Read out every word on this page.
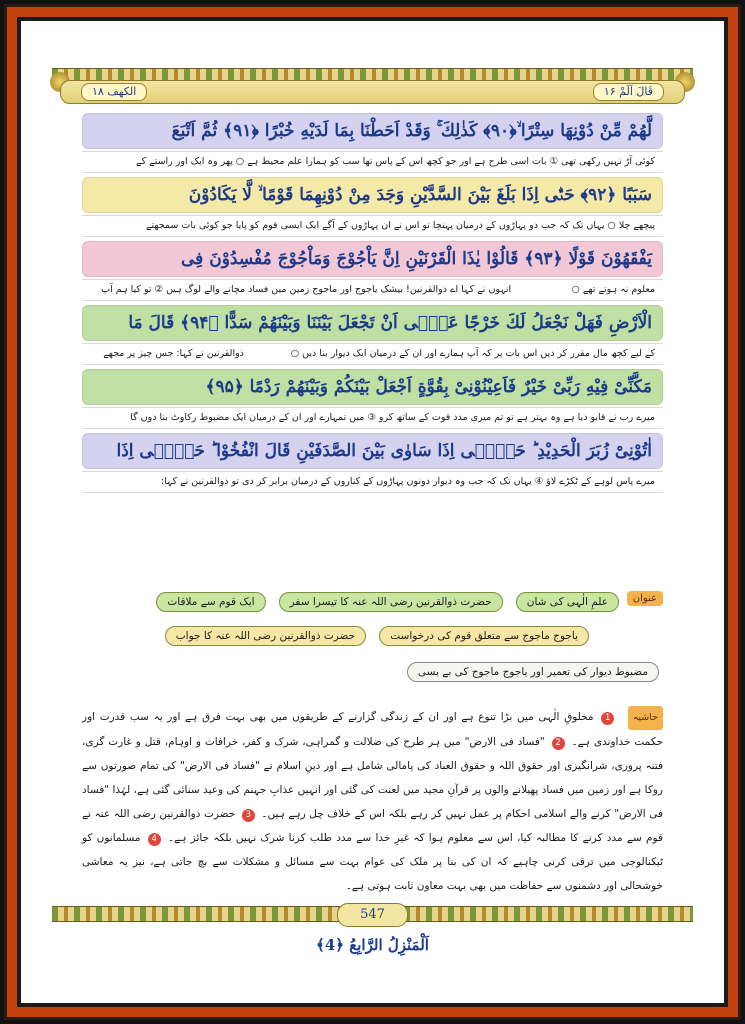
قَالَ اَلَمْ ۱۶
الكهف ۱۸
لَّهُمْ مِّنْ دُوْنِهَا سِتْرًا ۙ﴿۹۰﴾ كَذٰلِكَ ۚ وَقَدْ اَحَطْنَا بِمَا لَدَيْهِ خُبْرًا ﴿۹۱﴾ ثُمَّ اَتْبَعَ
کوئی آڑ نہیں رکھی تھی ① بات اسی طرح ہے اور جو کچھ اس کے پاس تھا سب کو ہمارا علم محیط ہے ○ پھر وہ ایک اور راستے کے
سَبَبًا ﴿۹۲﴾ حَتّٰۤى اِذَا بَلَغَ بَيْنَ السَّدَّيْنِ وَجَدَ مِنْ دُوْنِهِمَا قَوْمًا ۙ لَّا يَكَادُوْنَ
پیچھے چلا ○ یہاں تک کہ جب دو پہاڑوں کے درمیان پہنچا تو اس نے ان پہاڑوں کے آگے ایک ایسی قوم کو پایا جو کوئی بات سمجھتے
يَفْقَهُوْنَ قَوْلًا ﴿۹۳﴾ قَالُوْا يٰذَا الْقَرْنَيْنِ اِنَّ يَاْجُوْجَ وَمَاْجُوْجَ مُفْسِدُوْنَ فِى
معلوم نہ ہوتے تھے ○
انہوں نے کہا اے ذوالقرنین! بیشک یاجوج اور ماجوج زمین میں فساد مچانے والے لوگ ہیں ② تو کیا ہم آپ
الْاَرْضِ فَهَلْ نَجْعَلُ لَكَ خَرْجًا عَلٰۤى اَنْ تَجْعَلَ بَيْنَنَا وَبَيْنَهُمْ سَدًّا ﴿۹۴﴾ قَالَ مَا
کے لیے کچھ مال مقرر کر دیں اس بات پر کہ آپ ہمارے اور ان کے درمیان ایک دیوار بنا دیں ○
ذوالقرنین نے کہا: جس چیز پر مجھے
مَكَّنِّىْ فِيْهِ رَبِّىْ خَيْرٌ فَاَعِيْنُوْنِىْ بِقُوَّةٍ اَجْعَلْ بَيْنَكُمْ وَبَيْنَهُمْ رَدْمًا ﴿۹۵﴾
میرے رب نے قابو دیا ہے وہ بہتر ہے تو تم میری مدد قوت کے ساتھ کرو ③ میں تمہارے اور ان کے درمیان ایک مضبوط رکاوٹ بنا دوں گا
اٰتُوْنِىْ زُبَرَ الْحَدِيْدِ ؕ حَتّٰۤى اِذَا سَاوٰى بَيْنَ الصَّدَفَيْنِ قَالَ انْفُخُوْا ؕ حَتّٰۤى اِذَا
میرے پاس لوہے کے ٹکڑے لاؤ ④ یہاں تک کہ جب وہ دیوار دونوں پہاڑوں کے کناروں کے درمیان برابر کر دی تو ذوالقرنین نے کہا:
عنوان
علمِ الٰہی کی شان حضرت ذوالقرنین رضی اللہ عنہ کا تیسرا سفر ایک قوم سے ملاقات
یاجوج ماجوج سے متعلق قوم کی درخواست حضرت ذوالقرنین رضی اللہ عنہ کا جواب
مضبوط دیوار کی تعمیر اور یاجوج ماجوج کی بے بسی
حاشیہ 1 مخلوقِ الٰہی میں بڑا تنوع ہے اور ان کے زندگی گزارنے کے طریقوں میں بھی بہت فرق ہے اور یہ سب قدرت اور حکمت خداوندی ہے۔ 2 "فساد فی الارض" میں ہر طرح کی ضلالت و گمراہی، شرک و کفر، خرافات و اوہام، قتل و غارت گری، فتنہ پروری، شرانگیزی اور حقوق اللہ و حقوق العباد کی پامالی شامل ہے اور دینِ اسلام نے "فساد فی الارض" کی تمام صورتوں سے روکا ہے اور زمین میں فساد پھیلانے والوں پر قرآنِ مجید میں لعنت کی گئی اور انہیں عذابِ جہنم کی وعید سنائی گئی ہے، لہٰذا "فساد فی الارض" کرنے والے اسلامی احکام پر عمل نہیں کر رہے بلکہ اس کے خلاف چل رہے ہیں۔ 3 حضرت ذوالقرنین رضی اللہ عنہ نے قوم سے مدد کرنے کا مطالبہ کیا، اس سے معلوم ہوا کہ غیرِ خدا سے مدد طلب کرنا شرک نہیں بلکہ جائز ہے۔ 4 مسلمانوں کو ٹیکنالوجی میں ترقی کرنی چاہیے کہ ان کی بنا پر ملک کی عوام بہت سے مسائل و مشکلات سے بچ جاتی ہے، نیز یہ معاشی خوشحالی اور دشمنوں سے حفاظت میں بھی بہت معاون ثابت ہوتی ہے۔
547
اَلْمَنْزِلُ الرَّابِعُ ﴿4﴾
